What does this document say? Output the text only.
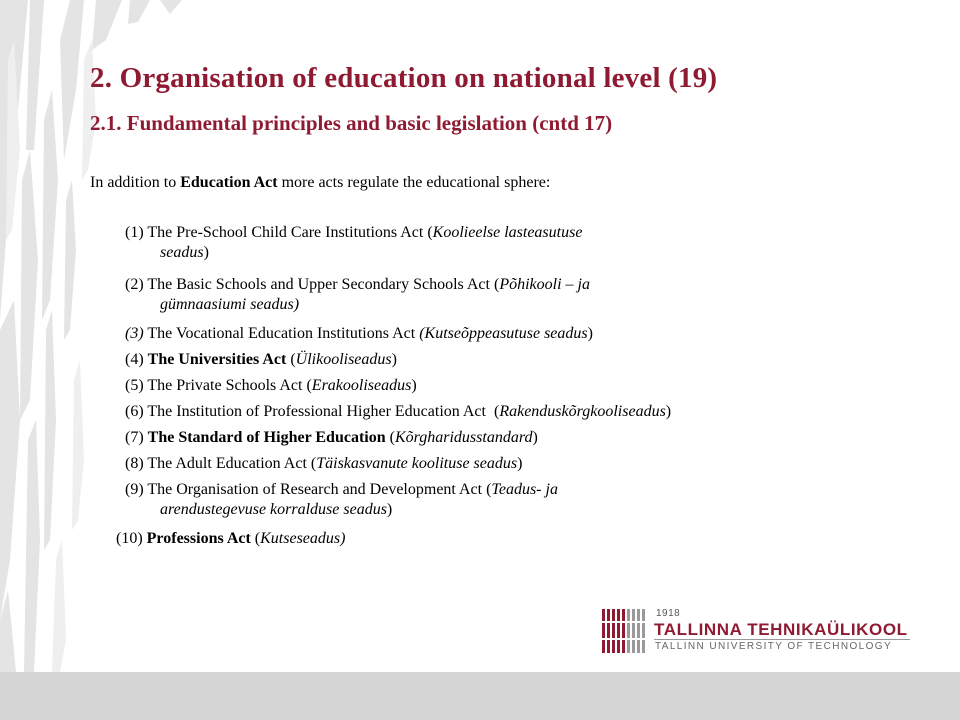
2. Organisation of education on national level (19)
2.1. Fundamental principles and basic legislation (cntd 17)
In addition to Education Act more acts regulate the educational sphere:
(1) The Pre-School Child Care Institutions Act (Koolieelse lasteasutuse
seadus)
(2) The Basic Schools and Upper Secondary Schools Act (Põhikooli – ja
gümnaasiumi seadus)
(3) The Vocational Education Institutions Act (Kutseõppeasutuse seadus)
(4) The Universities Act (Ülikooliseadus)
(5) The Private Schools Act (Erakooliseadus)
(6) The Institution of Professional Higher Education Act  (Rakenduskõrgkooliseadus)
(7) The Standard of Higher Education (Kõrgharidusstandard)
(8) The Adult Education Act (Täiskasvanute koolituse seadus)
(9) The Organisation of Research and Development Act (Teadus- ja
arendustegevuse korralduse seadus)
(10) Professions Act (Kutseseadus)
1918
TALLINNA TEHNIKAÜLIKOOL
TALLINN UNIVERSITY OF TECHNOLOGY
